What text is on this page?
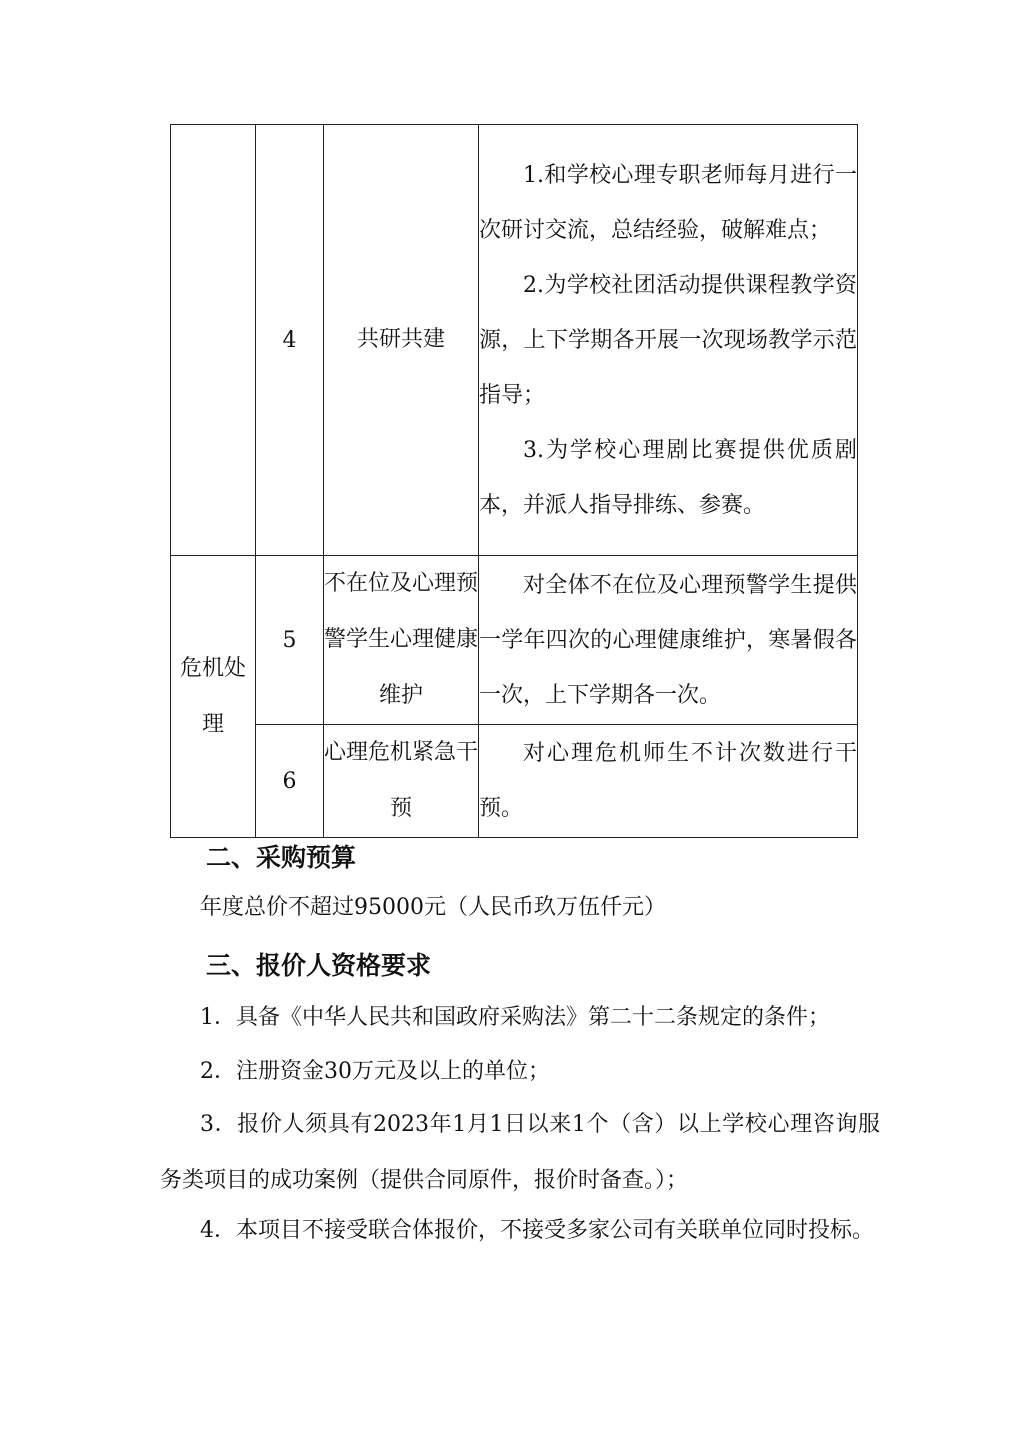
	4	共研共建	1.和学校心理专职老师每月进行一次研讨交流，总结经验，破解难点；

2.为学校社团活动提供课程教学资源，上下学期各开展一次现场教学示范指导；

3.为学校心理剧比赛提供优质剧本，并派人指导排练、参赛。

危机处理	5	不在位及心理预警学生心理健康维护	对全体不在位及心理预警学生提供一学年四次的心理健康维护，寒暑假各一次，上下学期各一次。

	6	心理危机紧急干预	对心理危机师生不计次数进行干预。

二、采购预算

年度总价不超过95000元（人民币玖万伍仟元）

三、报价人资格要求

1．具备《中华人民共和国政府采购法》第二十二条规定的条件；

2．注册资金30万元及以上的单位；

3．报价人须具有2023年1月1日以来1个（含）以上学校心理咨询服务类项目的成功案例（提供合同原件，报价时备查。）；

4．本项目不接受联合体报价，不接受多家公司有关联单位同时投标。
